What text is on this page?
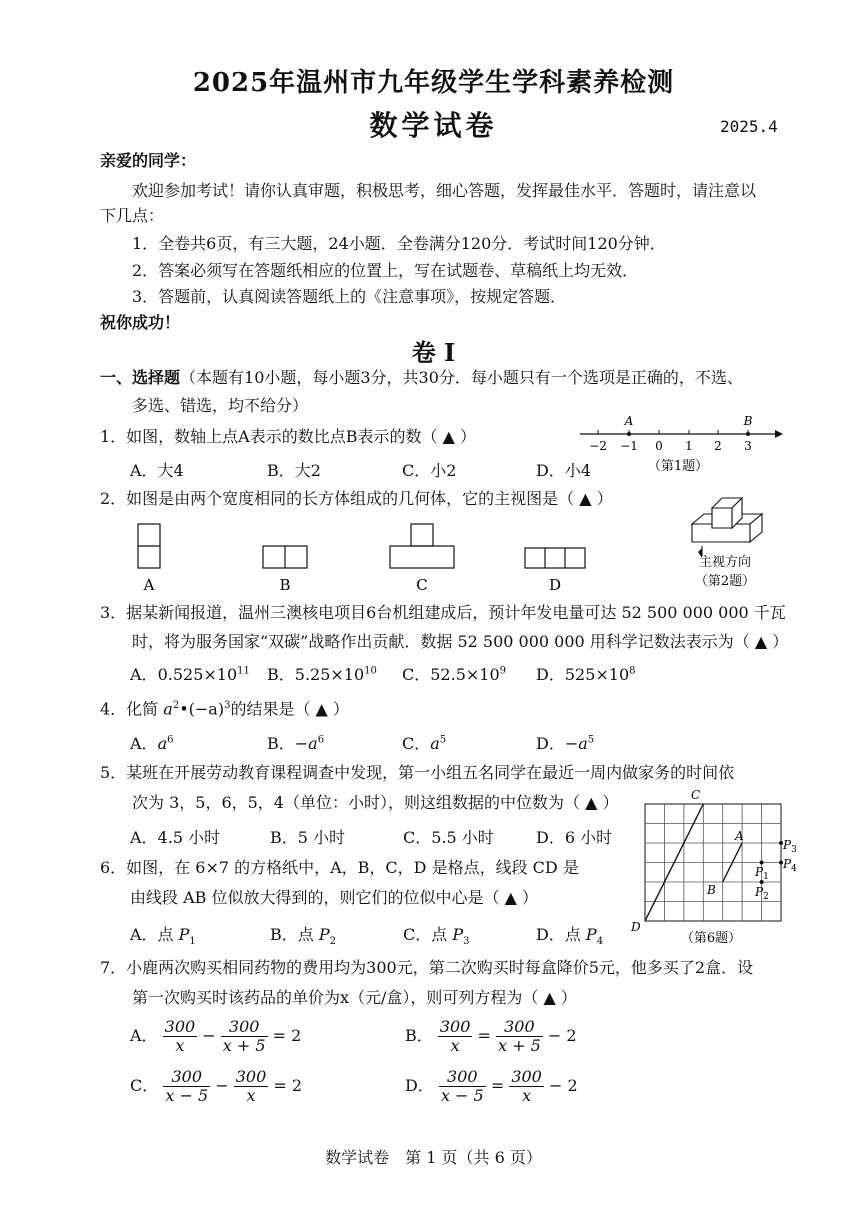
2025年温州市九年级学生学科素养检测
数学试卷	2025.4
亲爱的同学：
欢迎参加考试！请你认真审题，积极思考，细心答题，发挥最佳水平．答题时，请注意以
下几点：
1．全卷共6页，有三大题，24小题．全卷满分120分．考试时间120分钟．
2．答案必须写在答题纸相应的位置上，写在试题卷、草稿纸上均无效．
3．答题前，认真阅读答题纸上的《注意事项》，按规定答题．
祝你成功！
卷 I
一、选择题（本题有10小题，每小题3分，共30分．每小题只有一个选项是正确的，不选、
多选、错选，均不给分）
1．如图，数轴上点A表示的数比点B表示的数（ ▲ ）
A．大4	B．大2	C．小2	D．小4
A	B
−2 −1 0 1 2 3
（第1题）
2．如图是由两个宽度相同的长方体组成的几何体，它的主视图是（ ▲ ）
A	B	C	D
主视方向
（第2题）
3．据某新闻报道，温州三澳核电项目6台机组建成后，预计年发电量可达 52 500 000 000 千瓦
时，将为服务国家“双碳”战略作出贡献．数据 52 500 000 000 用科学记数法表示为（ ▲ ）
A．$0.525\times 10^{11}$ B．$5.25\times 10^{10}$ C．$52.5\times 10^9$ D．$525\times 10^8$
4．化简 $a^2•(-a)^3$的结果是（ ▲ ）
A．$a^6$	B．$-a^6$	C．$a^5$	D．$-a^5$
5．某班在开展劳动教育课程调查中发现，第一小组五名同学在最近一周内做家务的时间依
次为 3，5，6，5，4（单位：小时），则这组数据的中位数为（ ▲ ）
A．4.5 小时	B．5 小时	C．5.5 小时	D．6 小时
6．如图，在 6×7 的方格纸中，A，B，C，D 是格点，线段 CD 是
由线段 AB 位似放大得到的，则它们的位似中心是（ ▲ ）
A．点 $P_1$	B．点 $P_2$	C．点 $P_3$	D．点 $P_4$
C
D
A
B
$P_3$
$P_4$
$P_1$
$P_2$
（第6题）
7．小鹿两次购买相同药物的费用均为300元，第二次购买时每盒降价5元，他多买了2盒．设
第一次购买时该药品的单价为x（元/盒），则可列方程为（ ▲ ）
A． $\frac{300}{x} - \frac{300}{x + 5} = 2$	B． $\frac{300}{x} = \frac{300}{x + 5} - 2$
C． $\frac{300}{x - 5} - \frac{300}{x} = 2$	D． $\frac{300}{x - 5} = \frac{300}{x} - 2$
数学试卷　第 1 页（共 6 页）
